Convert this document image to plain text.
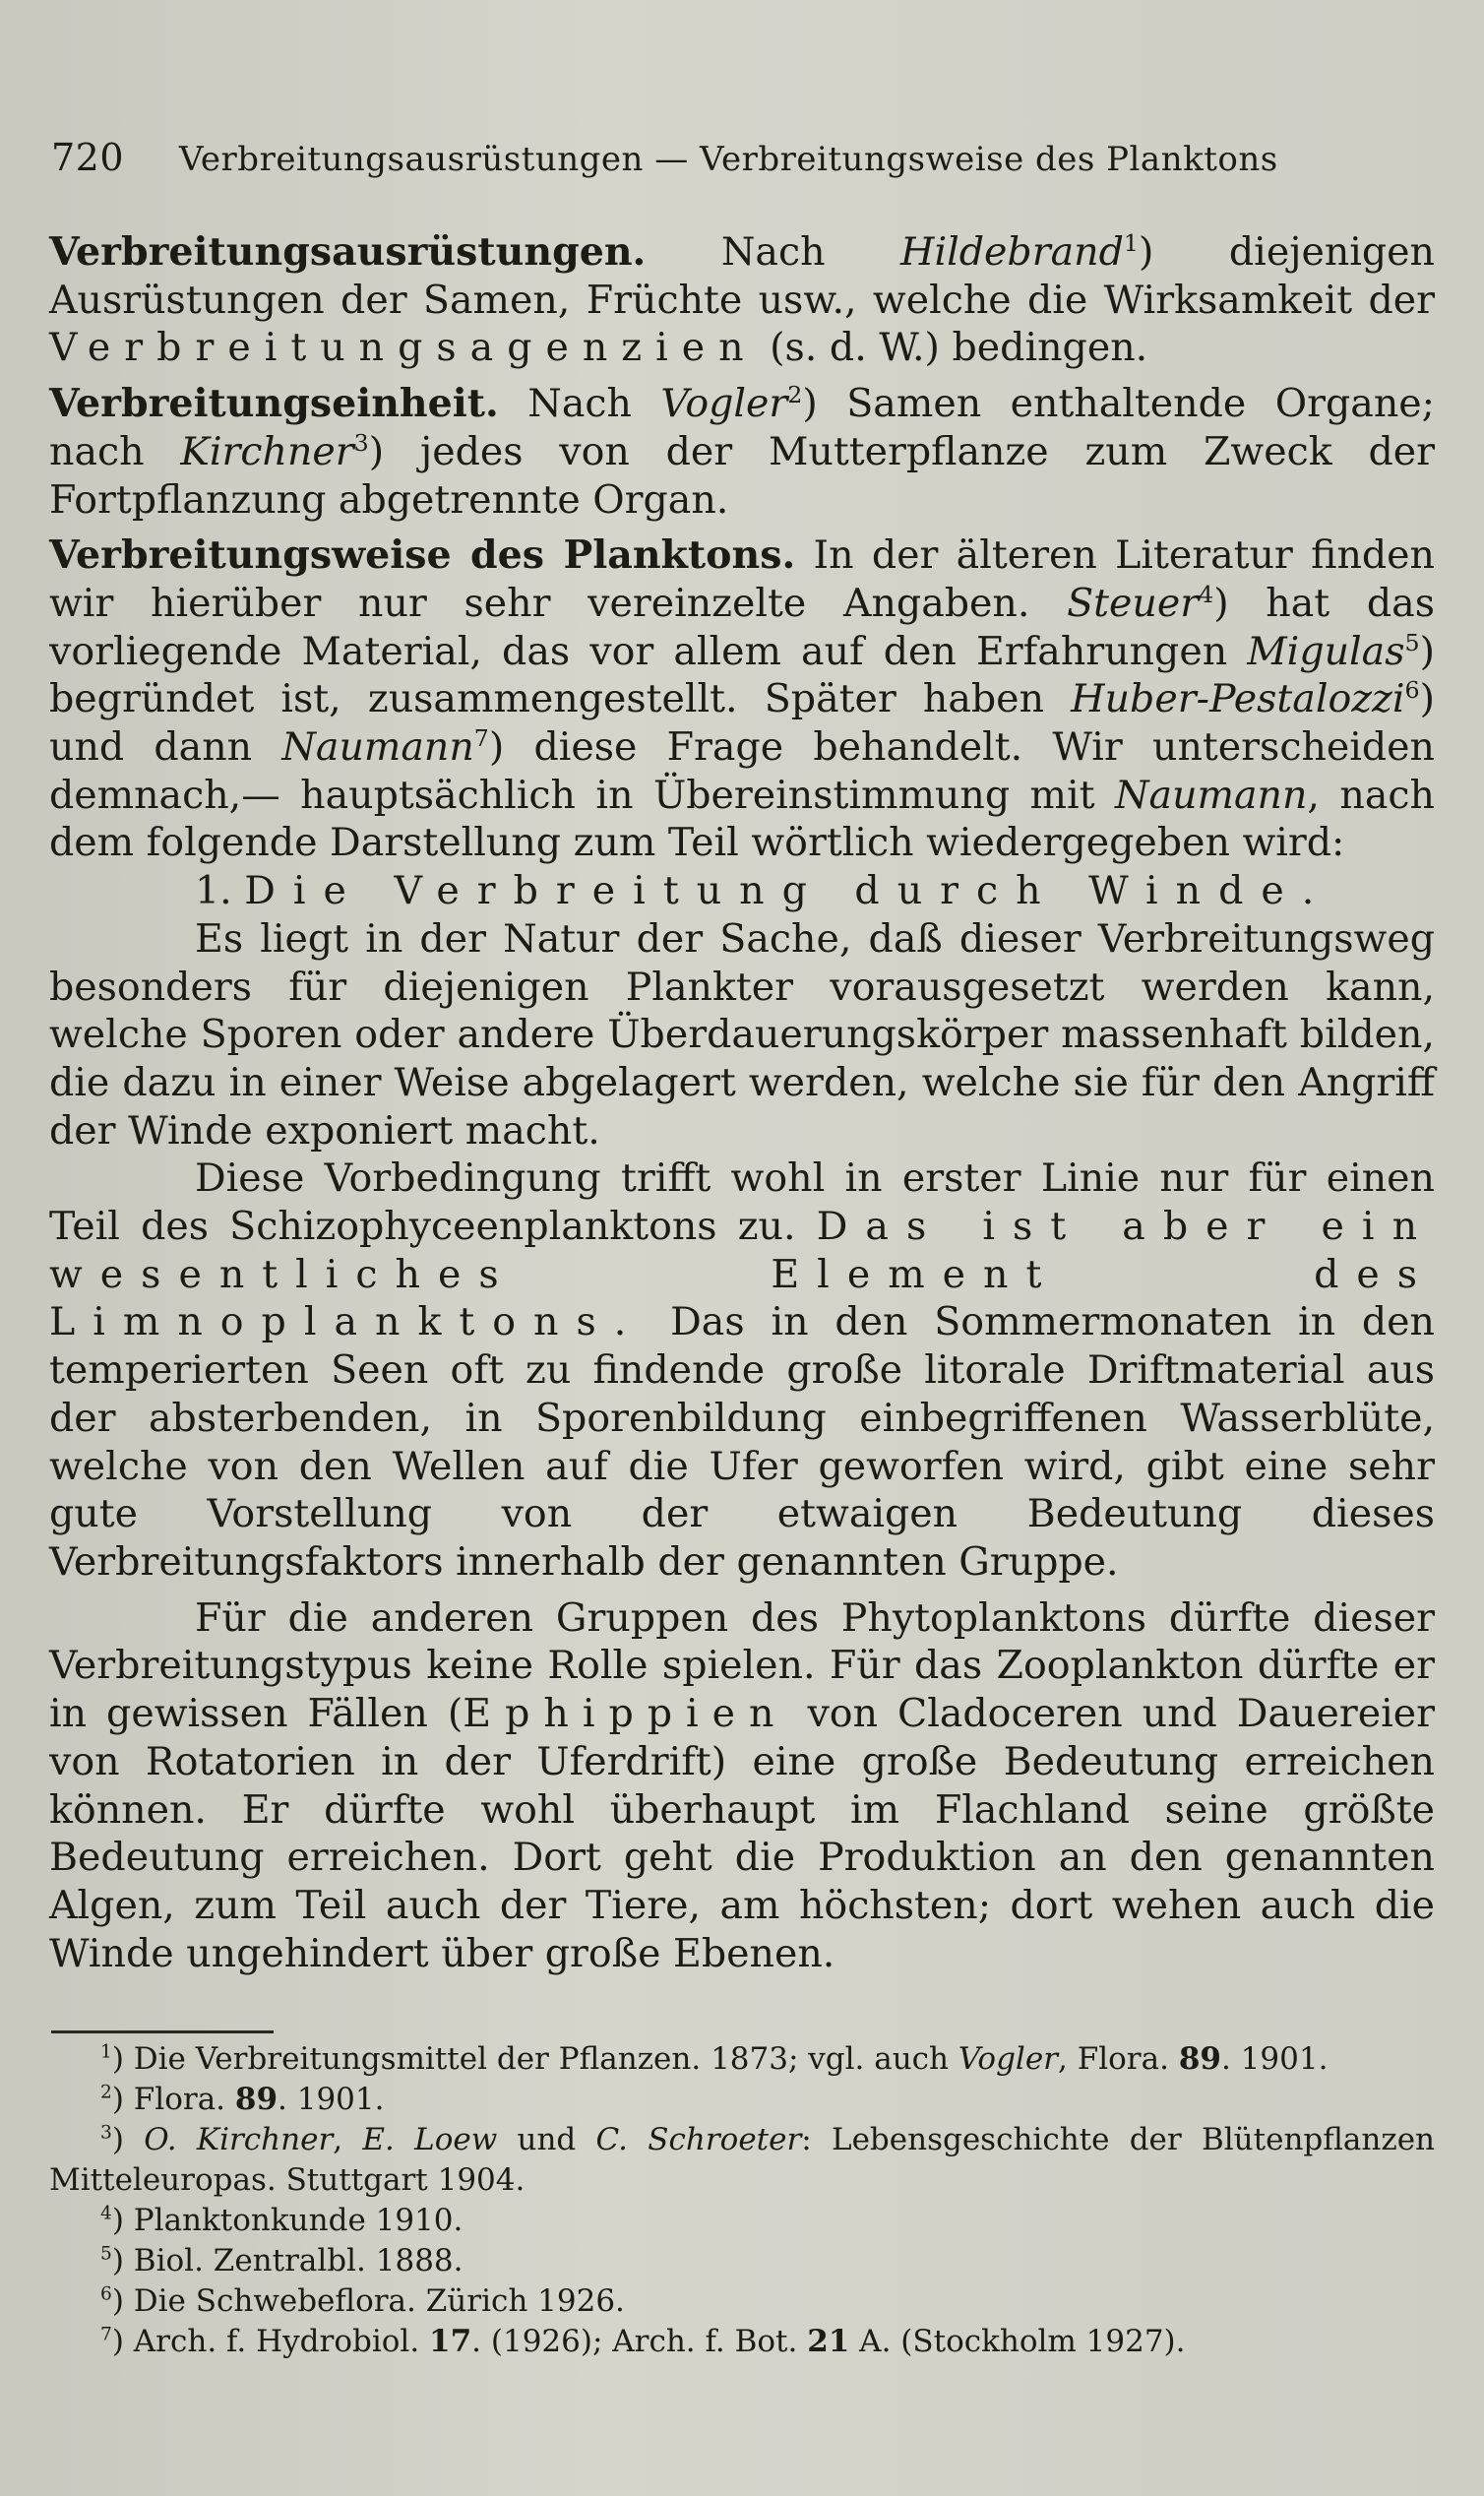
720 Verbreitungsausrüstungen — Verbreitungsweise des Planktons

Verbreitungsausrüstungen. Nach Hildebrand$^1$) diejenigen Ausrüstungen der Samen, Früchte usw., welche die Wirksamkeit der Verbreitungsagenzien (s. d. W.) bedingen.

Verbreitungseinheit. Nach Vogler$^2$) Samen enthaltende Organe; nach Kirchner$^3$) jedes von der Mutterpflanze zum Zweck der Fortpflanzung abgetrennte Organ.

Verbreitungsweise des Planktons. In der älteren Literatur finden wir hierüber nur sehr vereinzelte Angaben. Steuer$^4$) hat das vorliegende Material, das vor allem auf den Erfahrungen Migulas$^5$) begründet ist, zusammengestellt. Später haben Huber-Pestalozzi$^6$) und dann Naumann$^7$) diese Frage behandelt. Wir unterscheiden demnach,— hauptsächlich in Übereinstimmung mit Naumann, nach dem folgende Darstellung zum Teil wörtlich wiedergegeben wird:

1. Die Verbreitung durch Winde.

Es liegt in der Natur der Sache, daß dieser Verbreitungsweg besonders für diejenigen Plankter vorausgesetzt werden kann, welche Sporen oder andere Überdauerungskörper massenhaft bilden, die dazu in einer Weise abgelagert werden, welche sie für den Angriff der Winde exponiert macht.

Diese Vorbedingung trifft wohl in erster Linie nur für einen Teil des Schizophyceenplanktons zu. Das ist aber ein wesentliches Element des Limnoplanktons. Das in den Sommermonaten in den temperierten Seen oft zu findende große litorale Driftmaterial aus der absterbenden, in Sporenbildung einbegriffenen Wasserblüte, welche von den Wellen auf die Ufer geworfen wird, gibt eine sehr gute Vorstellung von der etwaigen Bedeutung dieses Verbreitungsfaktors innerhalb der genannten Gruppe.

Für die anderen Gruppen des Phytoplanktons dürfte dieser Verbreitungstypus keine Rolle spielen. Für das Zooplankton dürfte er in gewissen Fällen (Ephippien von Cladoceren und Dauereier von Rotatorien in der Uferdrift) eine große Bedeutung erreichen können. Er dürfte wohl überhaupt im Flachland seine größte Bedeutung erreichen. Dort geht die Produktion an den genannten Algen, zum Teil auch der Tiere, am höchsten; dort wehen auch die Winde ungehindert über große Ebenen.

$^1$) Die Verbreitungsmittel der Pflanzen. 1873; vgl. auch Vogler, Flora. 89. 1901.

$^2$) Flora. 89. 1901.

$^3$) O. Kirchner, E. Loew und C. Schroeter: Lebensgeschichte der Blütenpflanzen Mitteleuropas. Stuttgart 1904.

$^4$) Planktonkunde 1910.

$^5$) Biol. Zentralbl. 1888.

$^6$) Die Schwebeflora. Zürich 1926.

$^7$) Arch. f. Hydrobiol. 17. (1926); Arch. f. Bot. 21 A. (Stockholm 1927).
